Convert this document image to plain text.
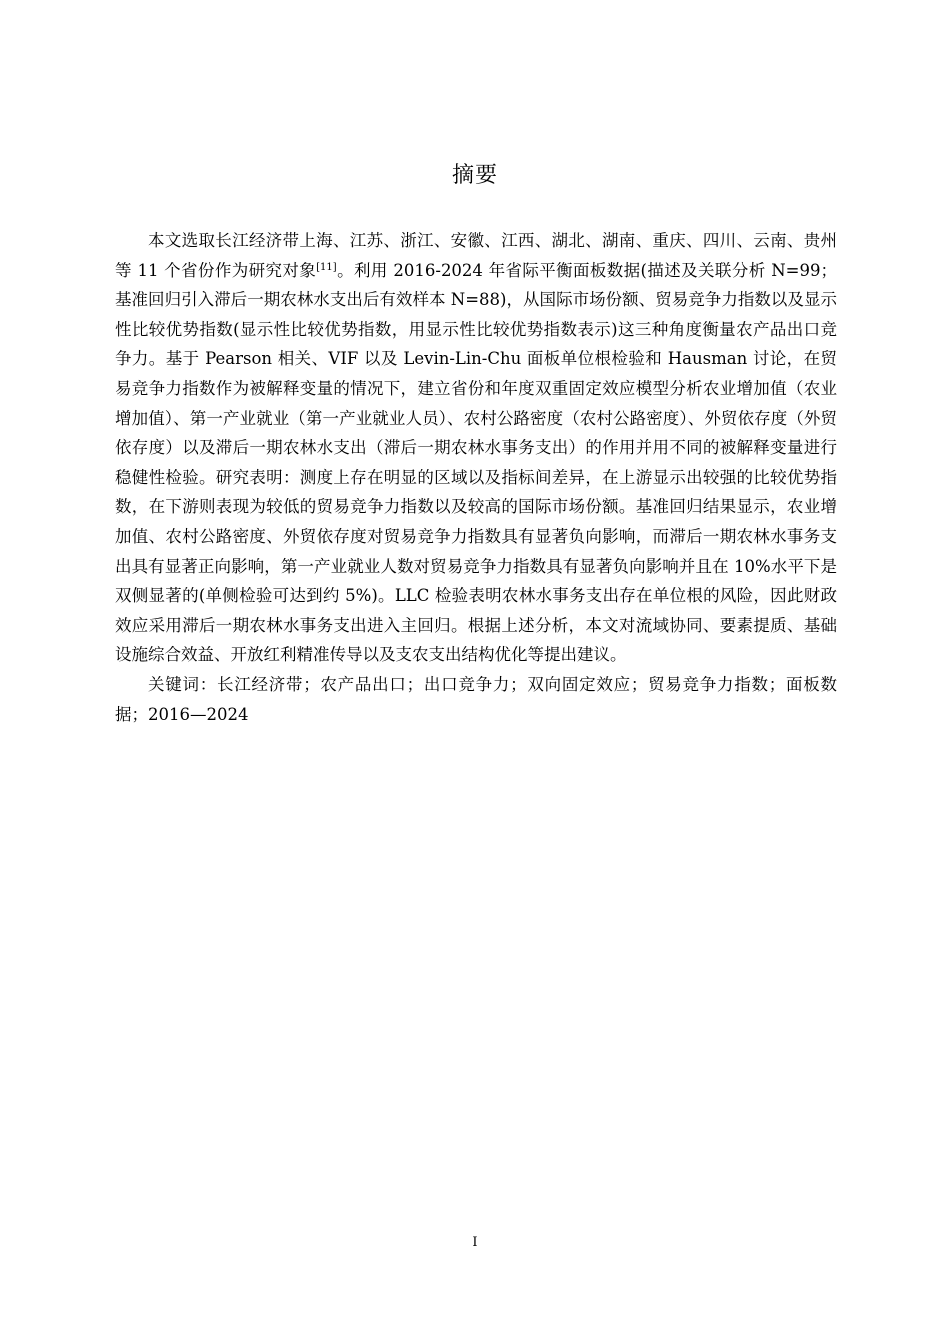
摘要

本文选取长江经济带上海、江苏、浙江、安徽、江西、湖北、湖南、重庆、四川、云南、贵州等 11 个省份作为研究对象[11]。利用 2016-2024 年省际平衡面板数据(描述及关联分析 N=99；基准回归引入滞后一期农林水支出后有效样本 N=88)，从国际市场份额、贸易竞争力指数以及显示性比较优势指数(显示性比较优势指数，用显示性比较优势指数表示)这三种角度衡量农产品出口竞争力。基于 Pearson 相关、VIF 以及 Levin-Lin-Chu 面板单位根检验和 Hausman 讨论，在贸易竞争力指数作为被解释变量的情况下，建立省份和年度双重固定效应模型分析农业增加值（农业增加值）、第一产业就业（第一产业就业人员）、农村公路密度（农村公路密度）、外贸依存度（外贸依存度）以及滞后一期农林水支出（滞后一期农林水事务支出）的作用并用不同的被解释变量进行稳健性检验。研究表明：测度上存在明显的区域以及指标间差异，在上游显示出较强的比较优势指数，在下游则表现为较低的贸易竞争力指数以及较高的国际市场份额。基准回归结果显示，农业增加值、农村公路密度、外贸依存度对贸易竞争力指数具有显著负向影响，而滞后一期农林水事务支出具有显著正向影响，第一产业就业人数对贸易竞争力指数具有显著负向影响并且在 10%水平下是双侧显著的(单侧检验可达到约 5%)。LLC 检验表明农林水事务支出存在单位根的风险，因此财政效应采用滞后一期农林水事务支出进入主回归。根据上述分析，本文对流域协同、要素提质、基础设施综合效益、开放红利精准传导以及支农支出结构优化等提出建议。

关键词：长江经济带；农产品出口；出口竞争力；双向固定效应；贸易竞争力指数；面板数据；2016—2024

I
